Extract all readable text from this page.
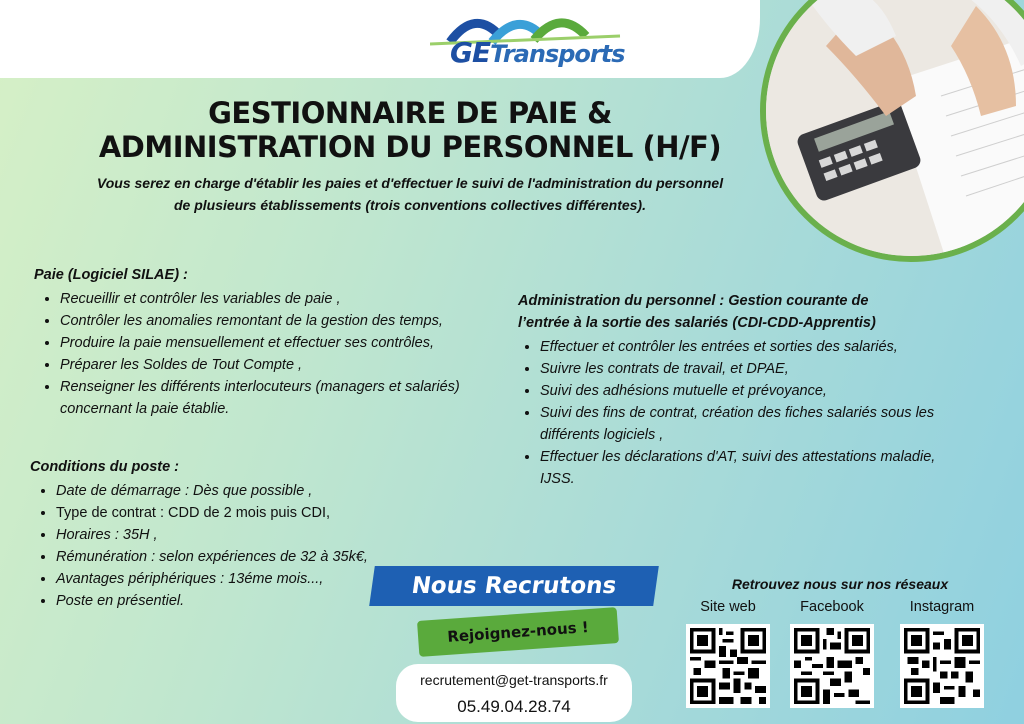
GETransports
GESTIONNAIRE DE PAIE &
ADMINISTRATION DU PERSONNEL (H/F)
Vous serez en charge d'établir les paies et d'effectuer le suivi de l'administration du personnel
de plusieurs établissements (trois conventions collectives différentes).
Paie (Logiciel SILAE) :
• Recueillir et contrôler les variables de paie ,
• Contrôler les anomalies remontant de la gestion des temps,
• Produire la paie mensuellement et effectuer ses contrôles,
• Préparer les Soldes de Tout Compte ,
• Renseigner les différents interlocuteurs (managers et salariés) concernant la paie établie.
Conditions du poste :
• Date de démarrage : Dès que possible ,
• Type de contrat : CDD de 2 mois puis CDI,
• Horaires : 35H ,
• Rémunération : selon expériences de 32 à 35k€,
• Avantages périphériques : 13éme mois...,
• Poste en présentiel.
Administration du personnel : Gestion courante de
l’entrée à la sortie des salariés (CDI-CDD-Apprentis)
• Effectuer et contrôler les entrées et sorties des salariés,
• Suivre les contrats de travail, et DPAE,
• Suivi des adhésions mutuelle et prévoyance,
• Suivi des fins de contrat, création des fiches salariés sous les différents logiciels ,
• Effectuer les déclarations d'AT, suivi des attestations maladie, IJSS.
Nous Recrutons
Rejoignez-nous !
recrutement@get-transports.fr
05.49.04.28.74
Retrouvez nous sur nos réseaux
Site web	Facebook	Instagram
